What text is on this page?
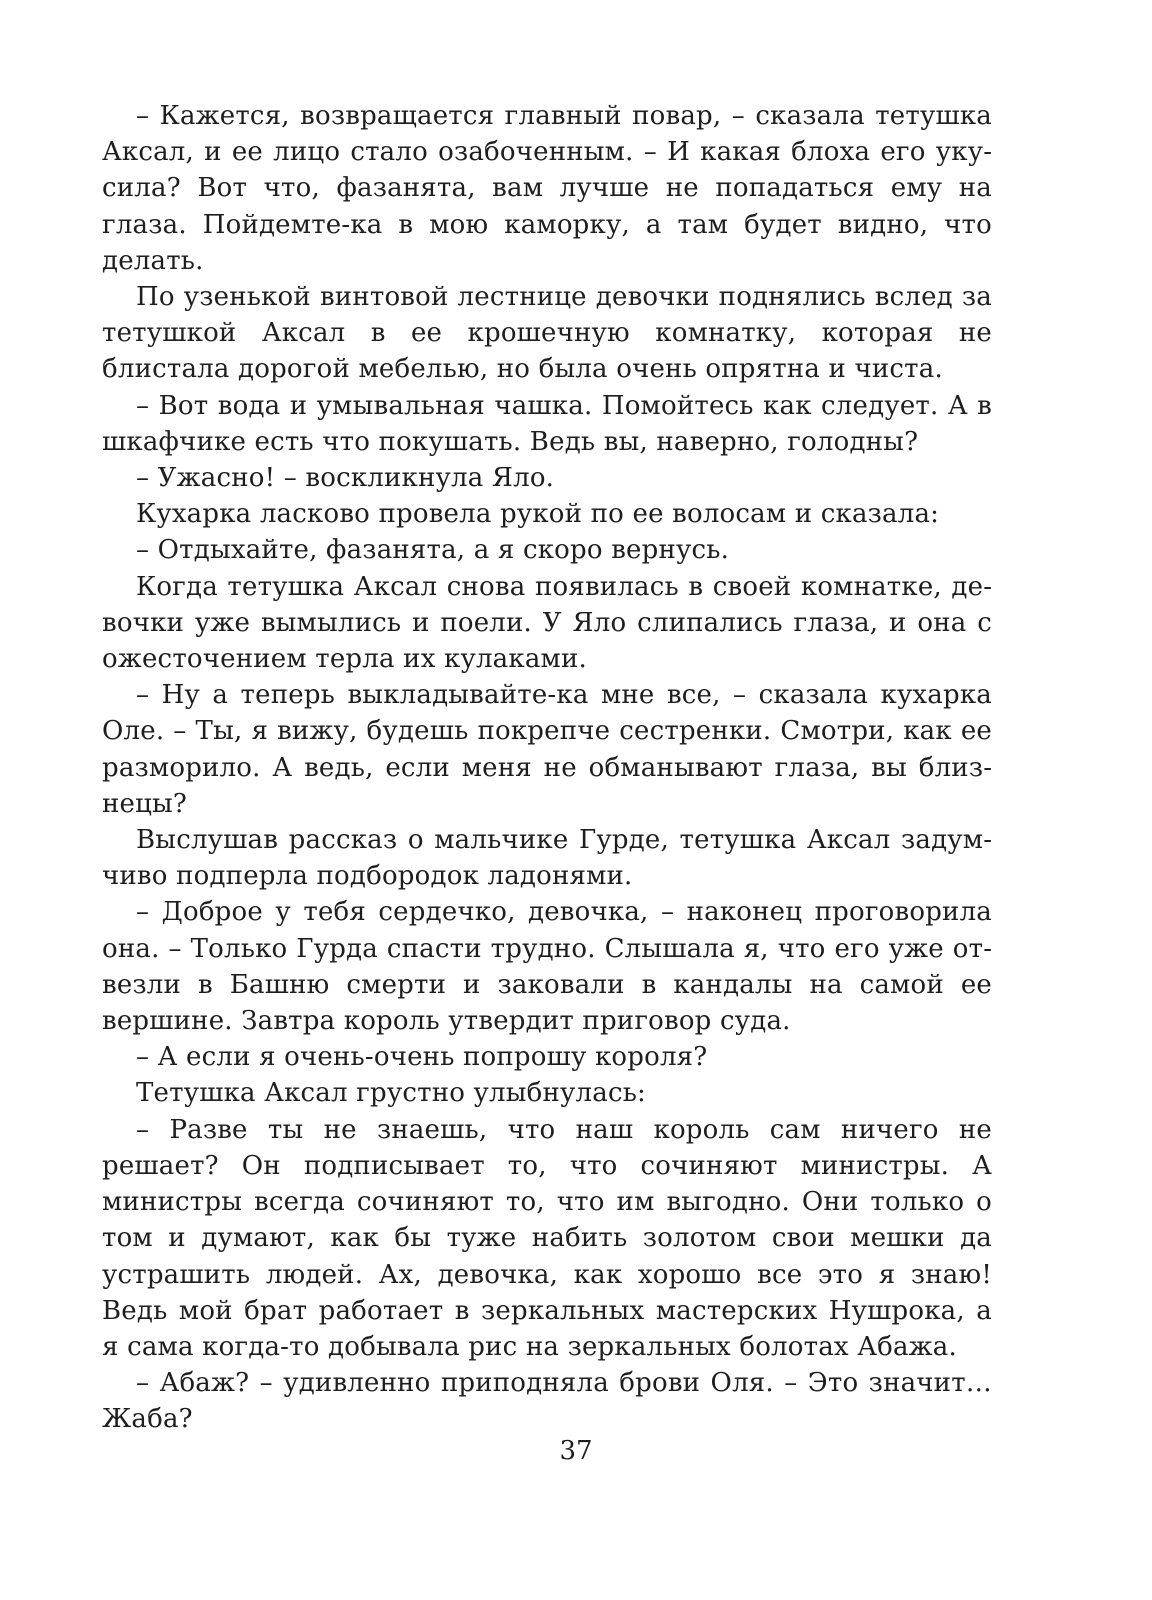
– Кажется, возвращается главный повар, – сказала тетушка Аксал, и ее лицо стало озабоченным. – И какая блоха его укусила? Вот что, фазанята, вам лучше не попадаться ему на глаза. Пойдемте-ка в мою каморку, а там будет видно, что делать.

По узенькой винтовой лестнице девочки поднялись вслед за тетушкой Аксал в ее крошечную комнатку, которая не блистала дорогой мебелью, но была очень опрятна и чиста.

– Вот вода и умывальная чашка. Помойтесь как следует. А в шкафчике есть что покушать. Ведь вы, наверно, голодны?

– Ужасно! – воскликнула Яло.

Кухарка ласково провела рукой по ее волосам и сказала:

– Отдыхайте, фазанята, а я скоро вернусь.

Когда тетушка Аксал снова появилась в своей комнатке, девочки уже вымылись и поели. У Яло слипались глаза, и она с ожесточением терла их кулаками.

– Ну а теперь выкладывайте-ка мне все, – сказала кухарка Оле. – Ты, я вижу, будешь покрепче сестренки. Смотри, как ее разморило. А ведь, если меня не обманывают глаза, вы близнецы?

Выслушав рассказ о мальчике Гурде, тетушка Аксал задумчиво подперла подбородок ладонями.

– Доброе у тебя сердечко, девочка, – наконец проговорила она. – Только Гурда спасти трудно. Слышала я, что его уже отвезли в Башню смерти и заковали в кандалы на самой ее вершине. Завтра король утвердит приговор суда.

– А если я очень-очень попрошу короля?

Тетушка Аксал грустно улыбнулась:

– Разве ты не знаешь, что наш король сам ничего не решает? Он подписывает то, что сочиняют министры. А министры всегда сочиняют то, что им выгодно. Они только о том и думают, как бы туже набить золотом свои мешки да устрашить людей. Ах, девочка, как хорошо все это я знаю! Ведь мой брат работает в зеркальных мастерских Нушрока, а я сама когда-то добывала рис на зеркальных болотах Абажа.

– Абаж? – удивленно приподняла брови Оля. – Это значит… Жаба?

37
